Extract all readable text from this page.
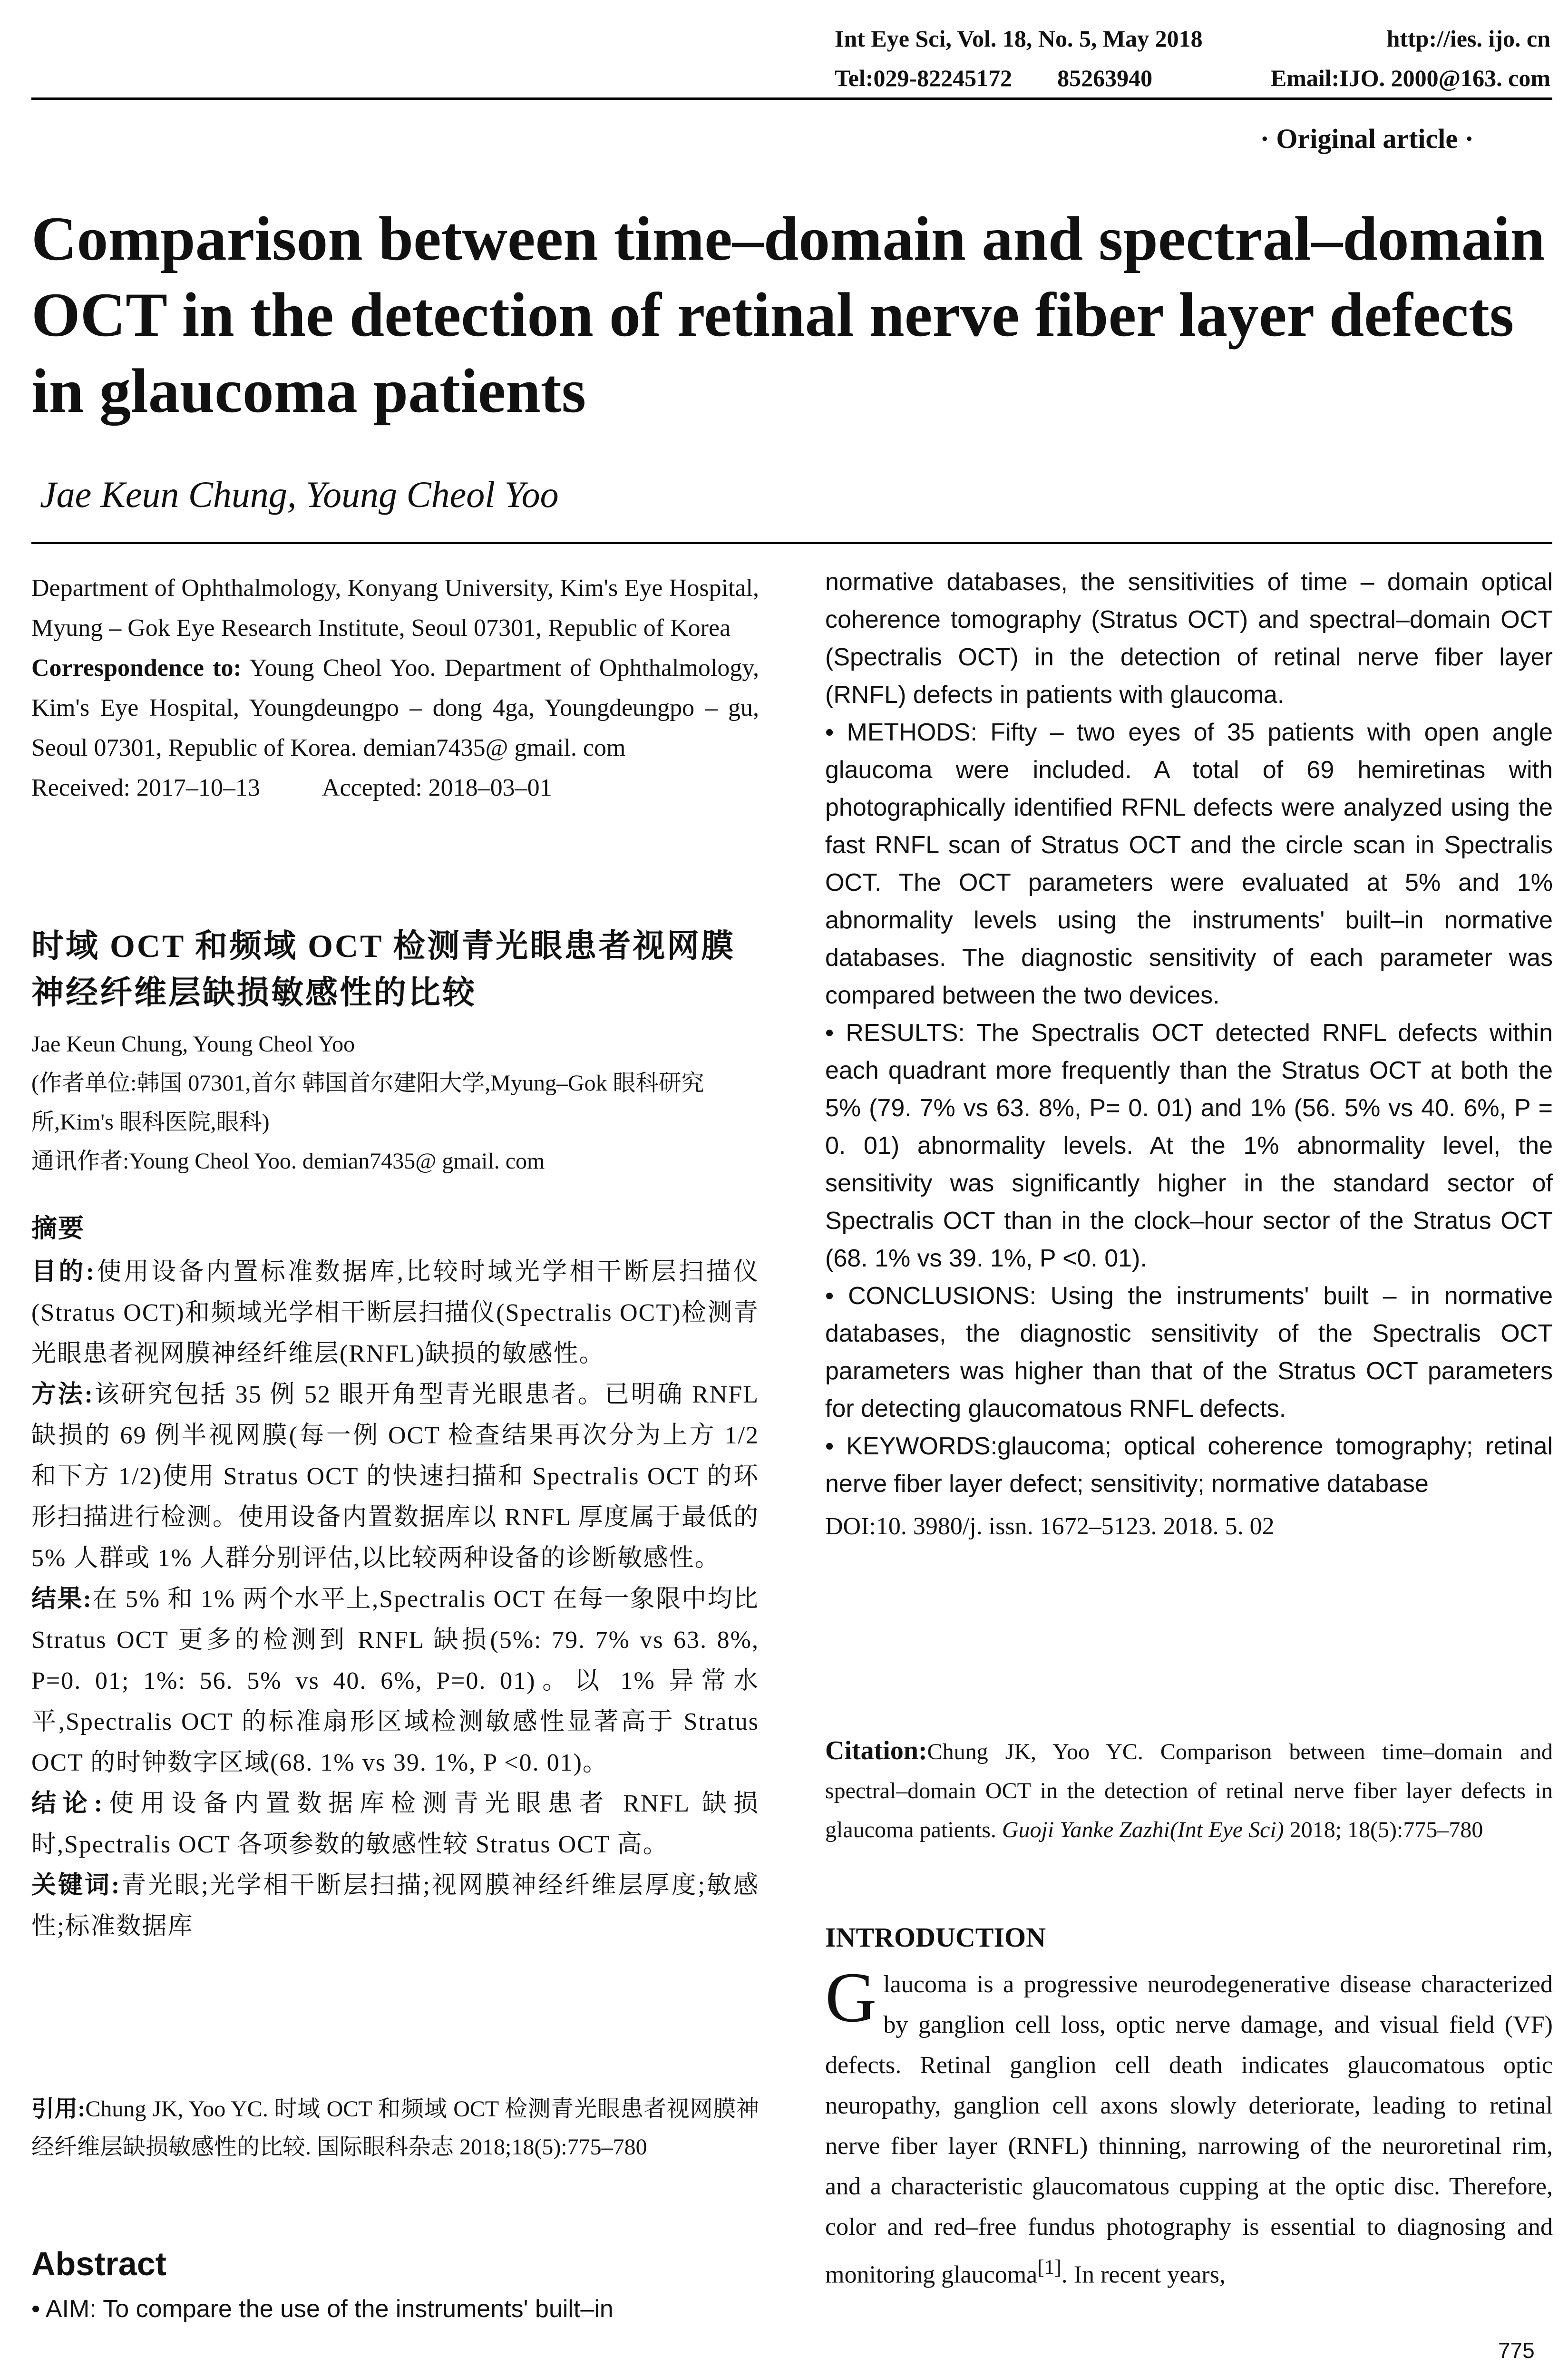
Int Eye Sci, Vol. 18, No. 5, May 2018	http://ies. ijo. cn
Tel:029-82245172 85263940	Email:IJO. 2000@163. com
· Original article ·
Comparison between time–domain and spectral–domain OCT in the detection of retinal nerve fiber layer defects in glaucoma patients
Jae Keun Chung, Young Cheol Yoo

Department of Ophthalmology, Konyang University, Kim's Eye Hospital, Myung – Gok Eye Research Institute, Seoul 07301, Republic of Korea

Correspondence to: Young Cheol Yoo. Department of Ophthalmology, Kim's Eye Hospital, Youngdeungpo – dong 4ga, Youngdeungpo – gu, Seoul 07301, Republic of Korea. demian7435@ gmail. com

Received: 2017–10–13	Accepted: 2018–03–01

时域 OCT 和频域 OCT 检测青光眼患者视网膜神经纤维层缺损敏感性的比较

Jae Keun Chung, Young Cheol Yoo

(作者单位:韩国 07301,首尔 韩国首尔建阳大学,Myung–Gok 眼科研究所,Kim's 眼科医院,眼科)

通讯作者:Young Cheol Yoo. demian7435@ gmail. com

摘要

目的:使用设备内置标准数据库,比较时域光学相干断层扫描仪(Stratus OCT)和频域光学相干断层扫描仪(Spectralis OCT)检测青光眼患者视网膜神经纤维层(RNFL)缺损的敏感性。

方法:该研究包括 35 例 52 眼开角型青光眼患者。已明确 RNFL 缺损的 69 例半视网膜(每一例 OCT 检查结果再次分为上方 1/2 和下方 1/2)使用 Stratus OCT 的快速扫描和 Spectralis OCT 的环形扫描进行检测。使用设备内置数据库以 RNFL 厚度属于最低的 5% 人群或 1% 人群分别评估,以比较两种设备的诊断敏感性。

结果:在 5% 和 1% 两个水平上,Spectralis OCT 在每一象限中均比 Stratus OCT 更多的检测到 RNFL 缺损(5%: 79. 7% vs 63. 8%, P=0. 01; 1%: 56. 5% vs 40. 6%, P=0. 01)。以 1% 异常水平,Spectralis OCT 的标准扇形区域检测敏感性显著高于 Stratus OCT 的时钟数字区域(68. 1% vs 39. 1%, P <0. 01)。

结论:使用设备内置数据库检测青光眼患者 RNFL 缺损时,Spectralis OCT 各项参数的敏感性较 Stratus OCT 高。

关键词:青光眼;光学相干断层扫描;视网膜神经纤维层厚度;敏感性;标准数据库

引用:Chung JK, Yoo YC. 时域 OCT 和频域 OCT 检测青光眼患者视网膜神经纤维层缺损敏感性的比较. 国际眼科杂志 2018;18(5):775–780
Abstract
• AIM: To compare the use of the instruments' built–in

normative databases, the sensitivities of time – domain optical coherence tomography (Stratus OCT) and spectral–domain OCT (Spectralis OCT) in the detection of retinal nerve fiber layer (RNFL) defects in patients with glaucoma.

• METHODS: Fifty – two eyes of 35 patients with open angle glaucoma were included. A total of 69 hemiretinas with photographically identified RFNL defects were analyzed using the fast RNFL scan of Stratus OCT and the circle scan in Spectralis OCT. The OCT parameters were evaluated at 5% and 1% abnormality levels using the instruments' built–in normative databases. The diagnostic sensitivity of each parameter was compared between the two devices.

• RESULTS: The Spectralis OCT detected RNFL defects within each quadrant more frequently than the Stratus OCT at both the 5% (79. 7% vs 63. 8%, P= 0. 01) and 1% (56. 5% vs 40. 6%, P = 0. 01) abnormality levels. At the 1% abnormality level, the sensitivity was significantly higher in the standard sector of Spectralis OCT than in the clock–hour sector of the Stratus OCT (68. 1% vs 39. 1%, P <0. 01).

• CONCLUSIONS: Using the instruments' built – in normative databases, the diagnostic sensitivity of the Spectralis OCT parameters was higher than that of the Stratus OCT parameters for detecting glaucomatous RNFL defects.

• KEYWORDS:glaucoma; optical coherence tomography; retinal nerve fiber layer defect; sensitivity; normative database

DOI:10. 3980/j. issn. 1672–5123. 2018. 5. 02

Citation:Chung JK, Yoo YC. Comparison between time–domain and spectral–domain OCT in the detection of retinal nerve fiber layer defects in glaucoma patients. Guoji Yanke Zazhi(Int Eye Sci) 2018; 18(5):775–780
INTRODUCTION
Glaucoma is a progressive neurodegenerative disease characterized by ganglion cell loss, optic nerve damage, and visual field (VF) defects. Retinal ganglion cell death indicates glaucomatous optic neuropathy, ganglion cell axons slowly deteriorate, leading to retinal nerve fiber layer (RNFL) thinning, narrowing of the neuroretinal rim, and a characteristic glaucomatous cupping at the optic disc. Therefore, color and red–free fundus photography is essential to diagnosing and monitoring glaucoma[1]. In recent years,
775
